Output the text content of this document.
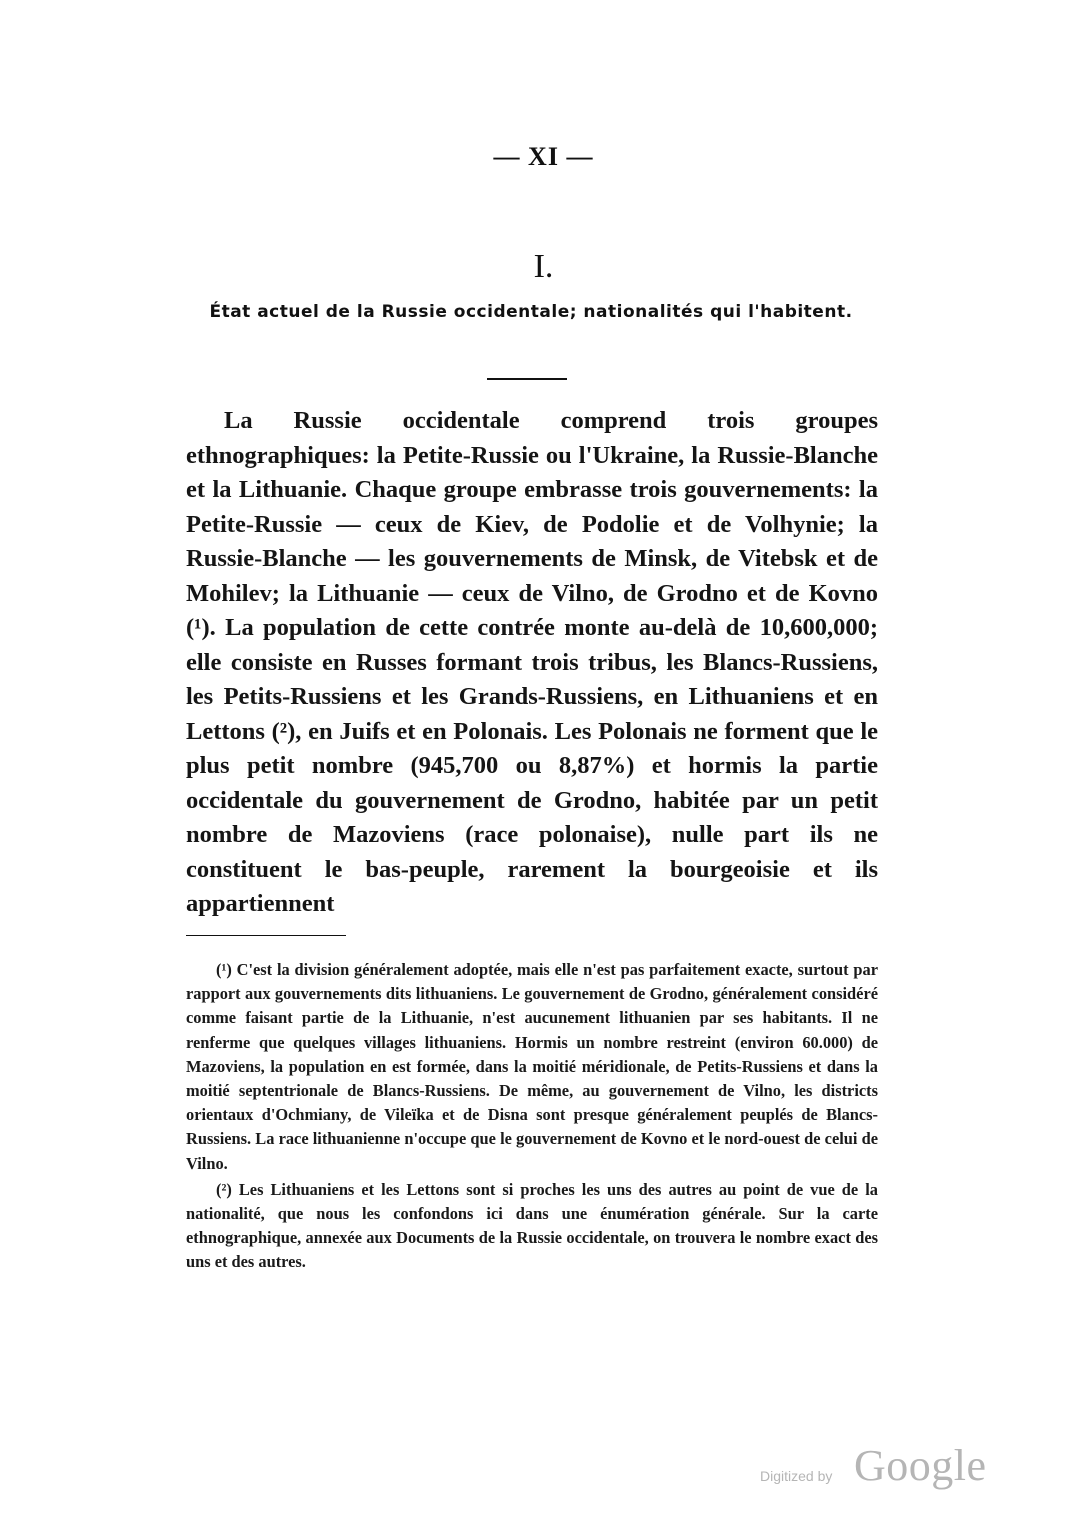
— XI —
I.
État actuel de la Russie occidentale; nationalités qui l'habitent.

La Russie occidentale comprend trois groupes ethnographiques: la Petite-Russie ou l'Ukraine, la Russie-Blanche et la Lithuanie. Chaque groupe embrasse trois gouvernements: la Petite-Russie — ceux de Kiev, de Podolie et de Volhynie; la Russie-Blanche — les gouvernements de Minsk, de Vitebsk et de Mohilev; la Lithuanie — ceux de Vilno, de Grodno et de Kovno (¹). La population de cette contrée monte au-delà de 10,600,000; elle consiste en Russes formant trois tribus, les Blancs-Russiens, les Petits-Russiens et les Grands-Russiens, en Lithuaniens et en Lettons (²), en Juifs et en Polonais. Les Polonais ne forment que le plus petit nombre (945,700 ou 8,87%) et hormis la partie occidentale du gouvernement de Grodno, habitée par un petit nombre de Mazoviens (race polonaise), nulle part ils ne constituent le bas-peuple, rarement la bourgeoisie et ils appartiennent

(¹) C'est la division généralement adoptée, mais elle n'est pas parfaitement exacte, surtout par rapport aux gouvernements dits lithuaniens. Le gouvernement de Grodno, généralement considéré comme faisant partie de la Lithuanie, n'est aucunement lithuanien par ses habitants. Il ne renferme que quelques villages lithuaniens. Hormis un nombre restreint (environ 60.000) de Mazoviens, la population en est formée, dans la moitié méridionale, de Petits-Russiens et dans la moitié septentrionale de Blancs-Russiens. De même, au gouvernement de Vilno, les districts orientaux d'Ochmiany, de Vileïka et de Disna sont presque généralement peuplés de Blancs-Russiens. La race lithuanienne n'occupe que le gouvernement de Kovno et le nord-ouest de celui de Vilno.

(²) Les Lithuaniens et les Lettons sont si proches les uns des autres au point de vue de la nationalité, que nous les confondons ici dans une énumération générale. Sur la carte ethnographique, annexée aux Documents de la Russie occidentale, on trouvera le nombre exact des uns et des autres.

Digitized by Google
